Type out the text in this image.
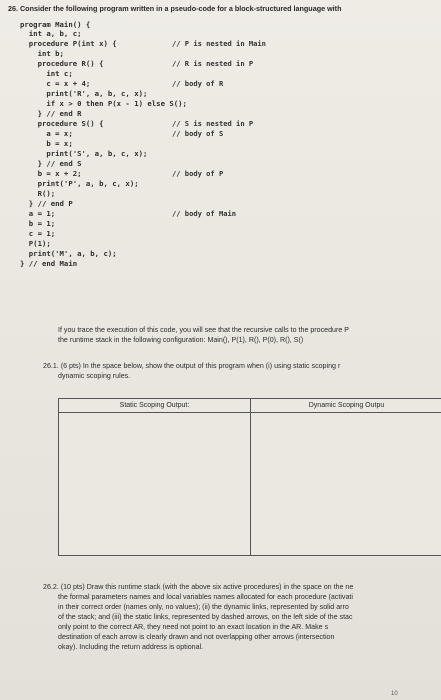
26. Consider the following program written in a pseudo-code for a block-structured language with
program Main() {
int a, b, c;
procedure P(int x) {
int b;
procedure R() {
int c;
c = x + 4;
print('R', a, b, c, x);
if x > 0 then P(x - 1) else S();
} // end R
procedure S() {
a = x;
b = x;
print('S', a, b, c, x);
} // end S
b = x + 2;
print('P', a, b, c, x);
R();
} // end P
a = 1;
b = 1;
c = 1;
P(1);
print('M', a, b, c);
} // end Main
// P is nested in Main
// R is nested in P
// body of R
// S is nested in P
// body of S
// body of P
// body of Main
If you trace the execution of this code, you will see that the recursive calls to the procedure P
the runtime stack in the following configuration: Main(), P(1), R(), P(0), R(), S()
26.1. (6 pts) In the space below, show the output of this program when (i) using static scoping r
dynamic scoping rules.
Static Scoping Output:	Dynamic Scoping Outpu
26.2. (10 pts) Draw this runtime stack (with the above six active procedures) in the space on the ne
the formal parameters names and local variables names allocated for each procedure (activati
in their correct order (names only, no values); (ii) the dynamic links, represented by solid arro
of the stack; and (iii) the static links, represented by dashed arrows, on the left side of the stac
only point to the correct AR, they need not point to an exact location in the AR. Make s
destination of each arrow is clearly drawn and not overlapping other arrows (intersection
okay). Including the return address is optional.
10
